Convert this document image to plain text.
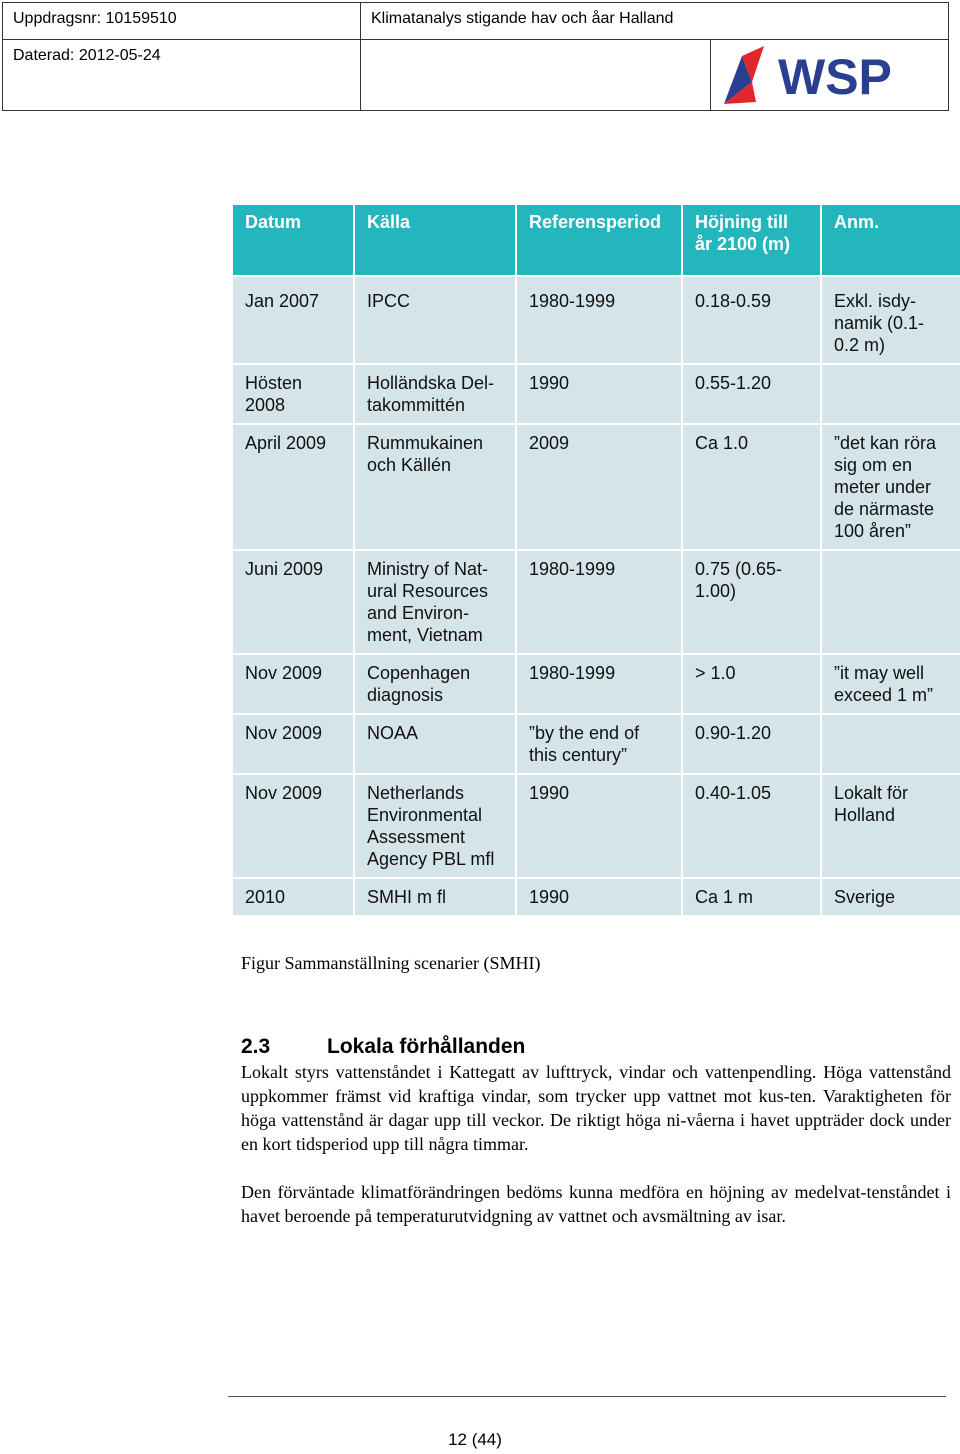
Uppdragsnr: 10159510	Klimatanalys stigande hav och åar Halland
Daterad: 2012-05-24	WSP
Datum	Källa	Referensperiod	Höjning till år 2100 (m)	Anm.
Jan 2007	IPCC	1980-1999	0.18-0.59	Exkl. isdy-namik (0.1-0.2 m)
Hösten 2008	Holländska Del-takommittén	1990	0.55-1.20	
April 2009	Rummukainen och Källén	2009	Ca 1.0	”det kan röra sig om en meter under de närmaste 100 åren”
Juni 2009	Ministry of Nat-ural Resources and Environ-ment, Vietnam	1980-1999	0.75 (0.65-1.00)	
Nov 2009	Copenhagen diagnosis	1980-1999	> 1.0	”it may well exceed 1 m”
Nov 2009	NOAA	”by the end of this century”	0.90-1.20	
Nov 2009	Netherlands Environmental Assessment Agency PBL mfl	1990	0.40-1.05	Lokalt för Holland
2010	SMHI m fl	1990	Ca 1 m	Sverige
Figur Sammanställning scenarier (SMHI)
2.3	Lokala förhållanden

Lokalt styrs vattenståndet i Kattegatt av lufttryck, vindar och vattenpendling. Höga vattenstånd uppkommer främst vid kraftiga vindar, som trycker upp vattnet mot kus-ten. Varaktigheten för höga vattenstånd är dagar upp till veckor. De riktigt höga ni-våerna i havet uppträder dock under en kort tidsperiod upp till några timmar.

Den förväntade klimatförändringen bedöms kunna medföra en höjning av medelvat-tenståndet i havet beroende på temperaturutvidgning av vattnet och avsmältning av isar.

12 (44)
